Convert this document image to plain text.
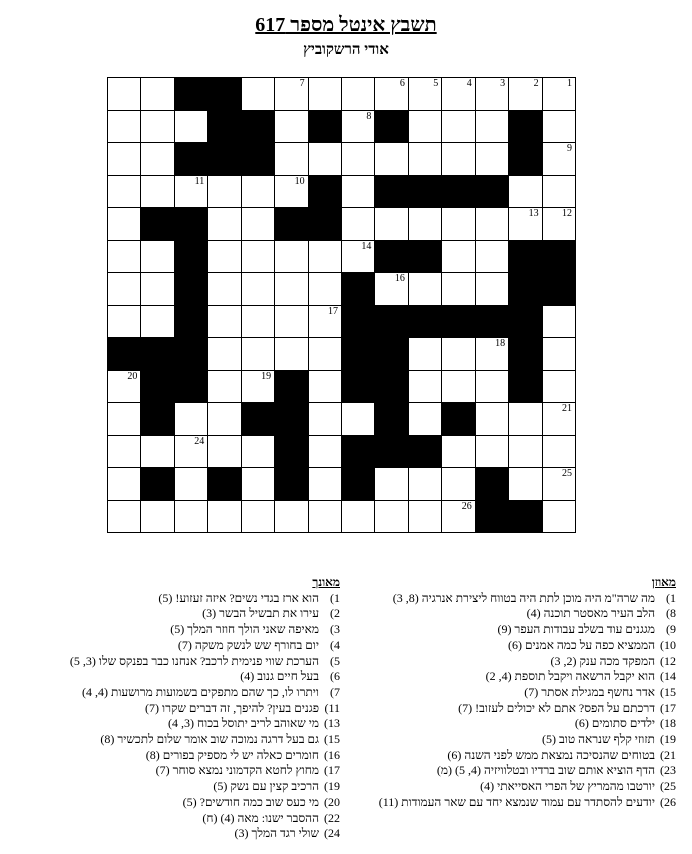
תשבץ אינטל מספר 617
אודי הרשקוביץ
1
2
3
4
5
6
7
8
9
10
11
12
13
14
15
16
17
18
19
20
21
22
23
24
25
26
מאוזן
1) מה שרה"מ היה מוכן לתת היה בטווח ליצירת אנרגיה (8, 3)
8) הלב העיר מאסטר תוכנה (4)
9) מגגנים עוד בשלב עבודות העפר (9)
10) הממציא כפה על כמה אמנים (6)
12) המפקד מכה ענק (2, 3)
14) הוא יקבל הרשאה ויקבל תוספת (4, 2)
15) אדר נחשף במגילת אסתר (7)
17) דרכתם על הפס? אתם לא יכולים לעזוב! (7)
18) ילדים סתומים (6)
19) תזוזי קלף שנראה טוב (5)
21) בטוחים שהנסיכה נמצאת ממש לפני השנה (6)
23) הדף הוציא אותם שוב ברדיו ובטלוויזיה (4, 5) (מ)
25) יורטבו מהמריץ של הפרי האסייאתי (4)
26) יודעים להסתדר עם עמוד שנמצא יחד עם שאר העמודות (11)
מאונך
1) הוא ארז בגדי נשים? איזה זעזוע! (5)
2) עירו את תבשיל הבשר (3)
3) מאיפה שאני הולך חוזר המלך (5)
4) יום בחורף שש לנשק משקה (7)
5) הערכת שווי פנימית לרכב? אנחנו כבר בפנקס שלו (3, 5)
6) בעל חיים גנוב (4)
7) ויתרו לו, כך שהם מתפקים בשמועות מרושעות (4, 4)
11) פגנים בעין? להיפך, זה דברים שקרו (7)
13) מי שאוהב לריב יתוסל בכוח (3, 4)
15) גם בעל דרגה נמוכה שוב אומר שלום לתכשיר (8)
16) חומרים כאלה יש לי מספיק בפורים (8)
17) מחוץ לחטא הקדמוני נמצא סוחר (7)
19) הרכיב קצין עם נשק (5)
20) מי כעס שוב כמה חודשים? (5)
22) ההסבר ישנו: מאה (4) (ח)
24) שולי רגד המלך (3)
